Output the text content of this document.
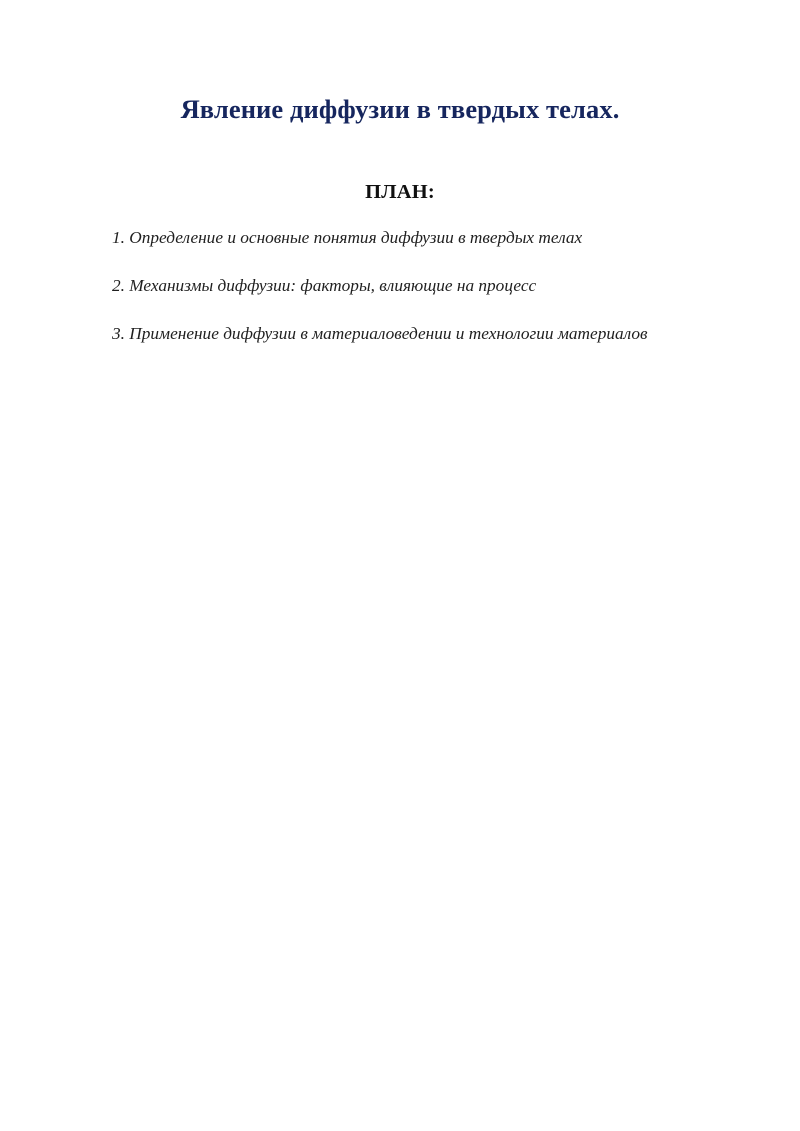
Явление диффузии в твердых телах.
ПЛАН:
1. Определение и основные понятия диффузии в твердых телах
2. Механизмы диффузии: факторы, влияющие на процесс
3. Применение диффузии в материаловедении и технологии материалов
